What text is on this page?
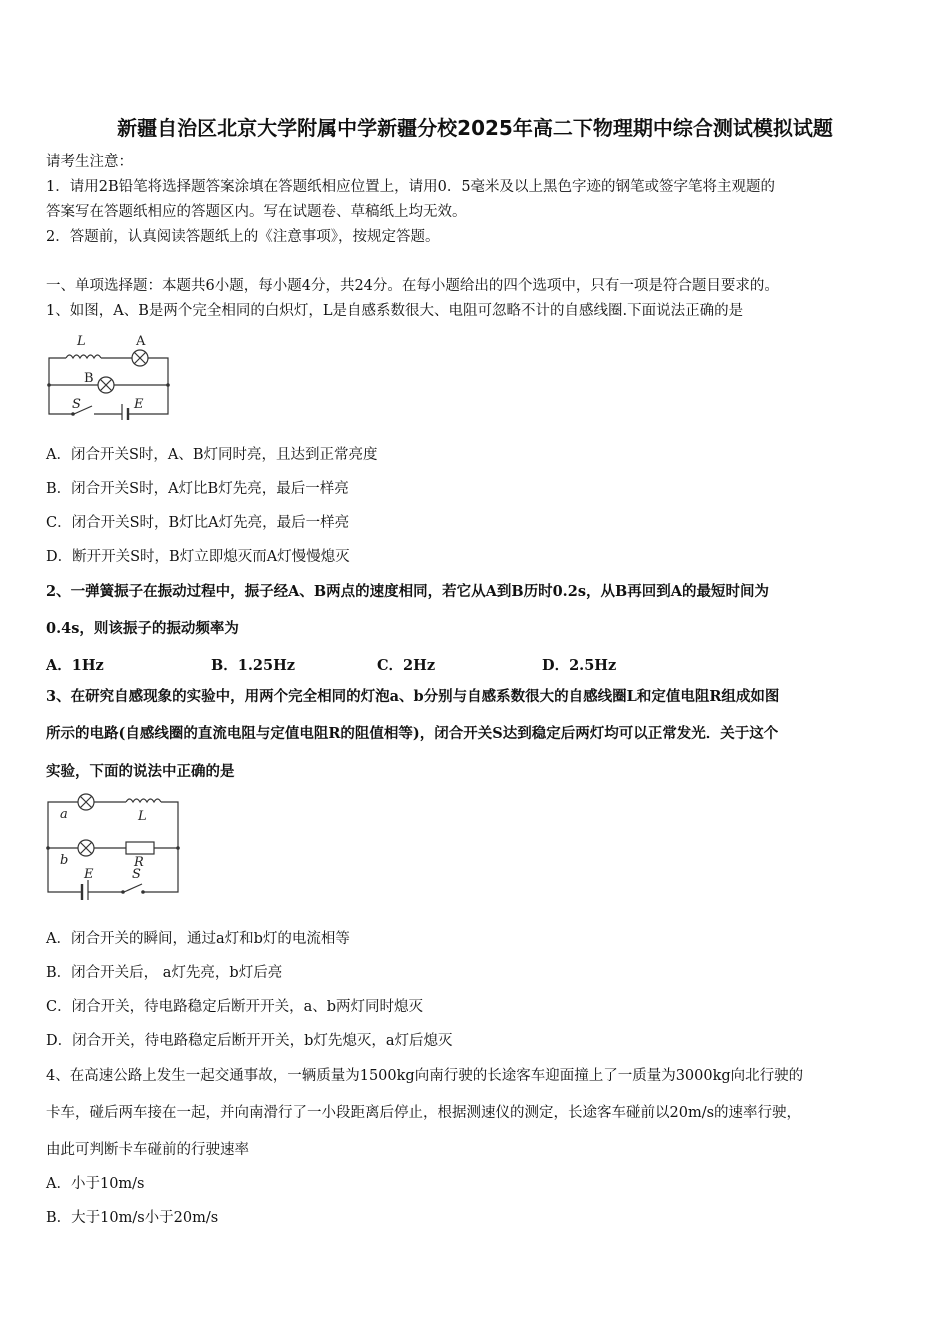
新疆自治区北京大学附属中学新疆分校2025年高二下物理期中综合测试模拟试题
请考生注意：
1．请用2B铅笔将选择题答案涂填在答题纸相应位置上，请用0．5毫米及以上黑色字迹的钢笔或签字笔将主观题的
答案写在答题纸相应的答题区内。写在试题卷、草稿纸上均无效。
2．答题前，认真阅读答题纸上的《注意事项》，按规定答题。
一、单项选择题：本题共6小题，每小题4分，共24分。在每小题给出的四个选项中，只有一项是符合题目要求的。
1、如图，A、B是两个完全相同的白炽灯，L是自感系数很大、电阻可忽略不计的自感线圈.下面说法正确的是
L	A
B
S	E
A．闭合开关S时，A、B灯同时亮，且达到正常亮度
B．闭合开关S时，A灯比B灯先亮，最后一样亮
C．闭合开关S时，B灯比A灯先亮，最后一样亮
D．断开开关S时，B灯立即熄灭而A灯慢慢熄灭
2、一弹簧振子在振动过程中，振子经A、B两点的速度相同，若它从A到B历时0.2s，从B再回到A的最短时间为
0.4s，则该振子的振动频率为
A．1Hz	B．1.25Hz	C．2Hz	D．2.5Hz
3、在研究自感现象的实验中，用两个完全相同的灯泡a、b分别与自感系数很大的自感线圈L和定值电阻R组成如图
所示的电路(自感线圈的直流电阻与定值电阻R的阻值相等)，闭合开关S达到稳定后两灯均可以正常发光．关于这个
实验，下面的说法中正确的是
a	L
b	R
E	S
A．闭合开关的瞬间，通过a灯和b灯的电流相等
B．闭合开关后， a灯先亮，b灯后亮
C．闭合开关，待电路稳定后断开开关，a、b两灯同时熄灭
D．闭合开关，待电路稳定后断开开关，b灯先熄灭，a灯后熄灭
4、在高速公路上发生一起交通事故，一辆质量为1500kg向南行驶的长途客车迎面撞上了一质量为3000kg向北行驶的
卡车，碰后两车接在一起，并向南滑行了一小段距离后停止，根据测速仪的测定，长途客车碰前以20m/s的速率行驶，
由此可判断卡车碰前的行驶速率
A．小于10m/s
B．大于10m/s小于20m/s
